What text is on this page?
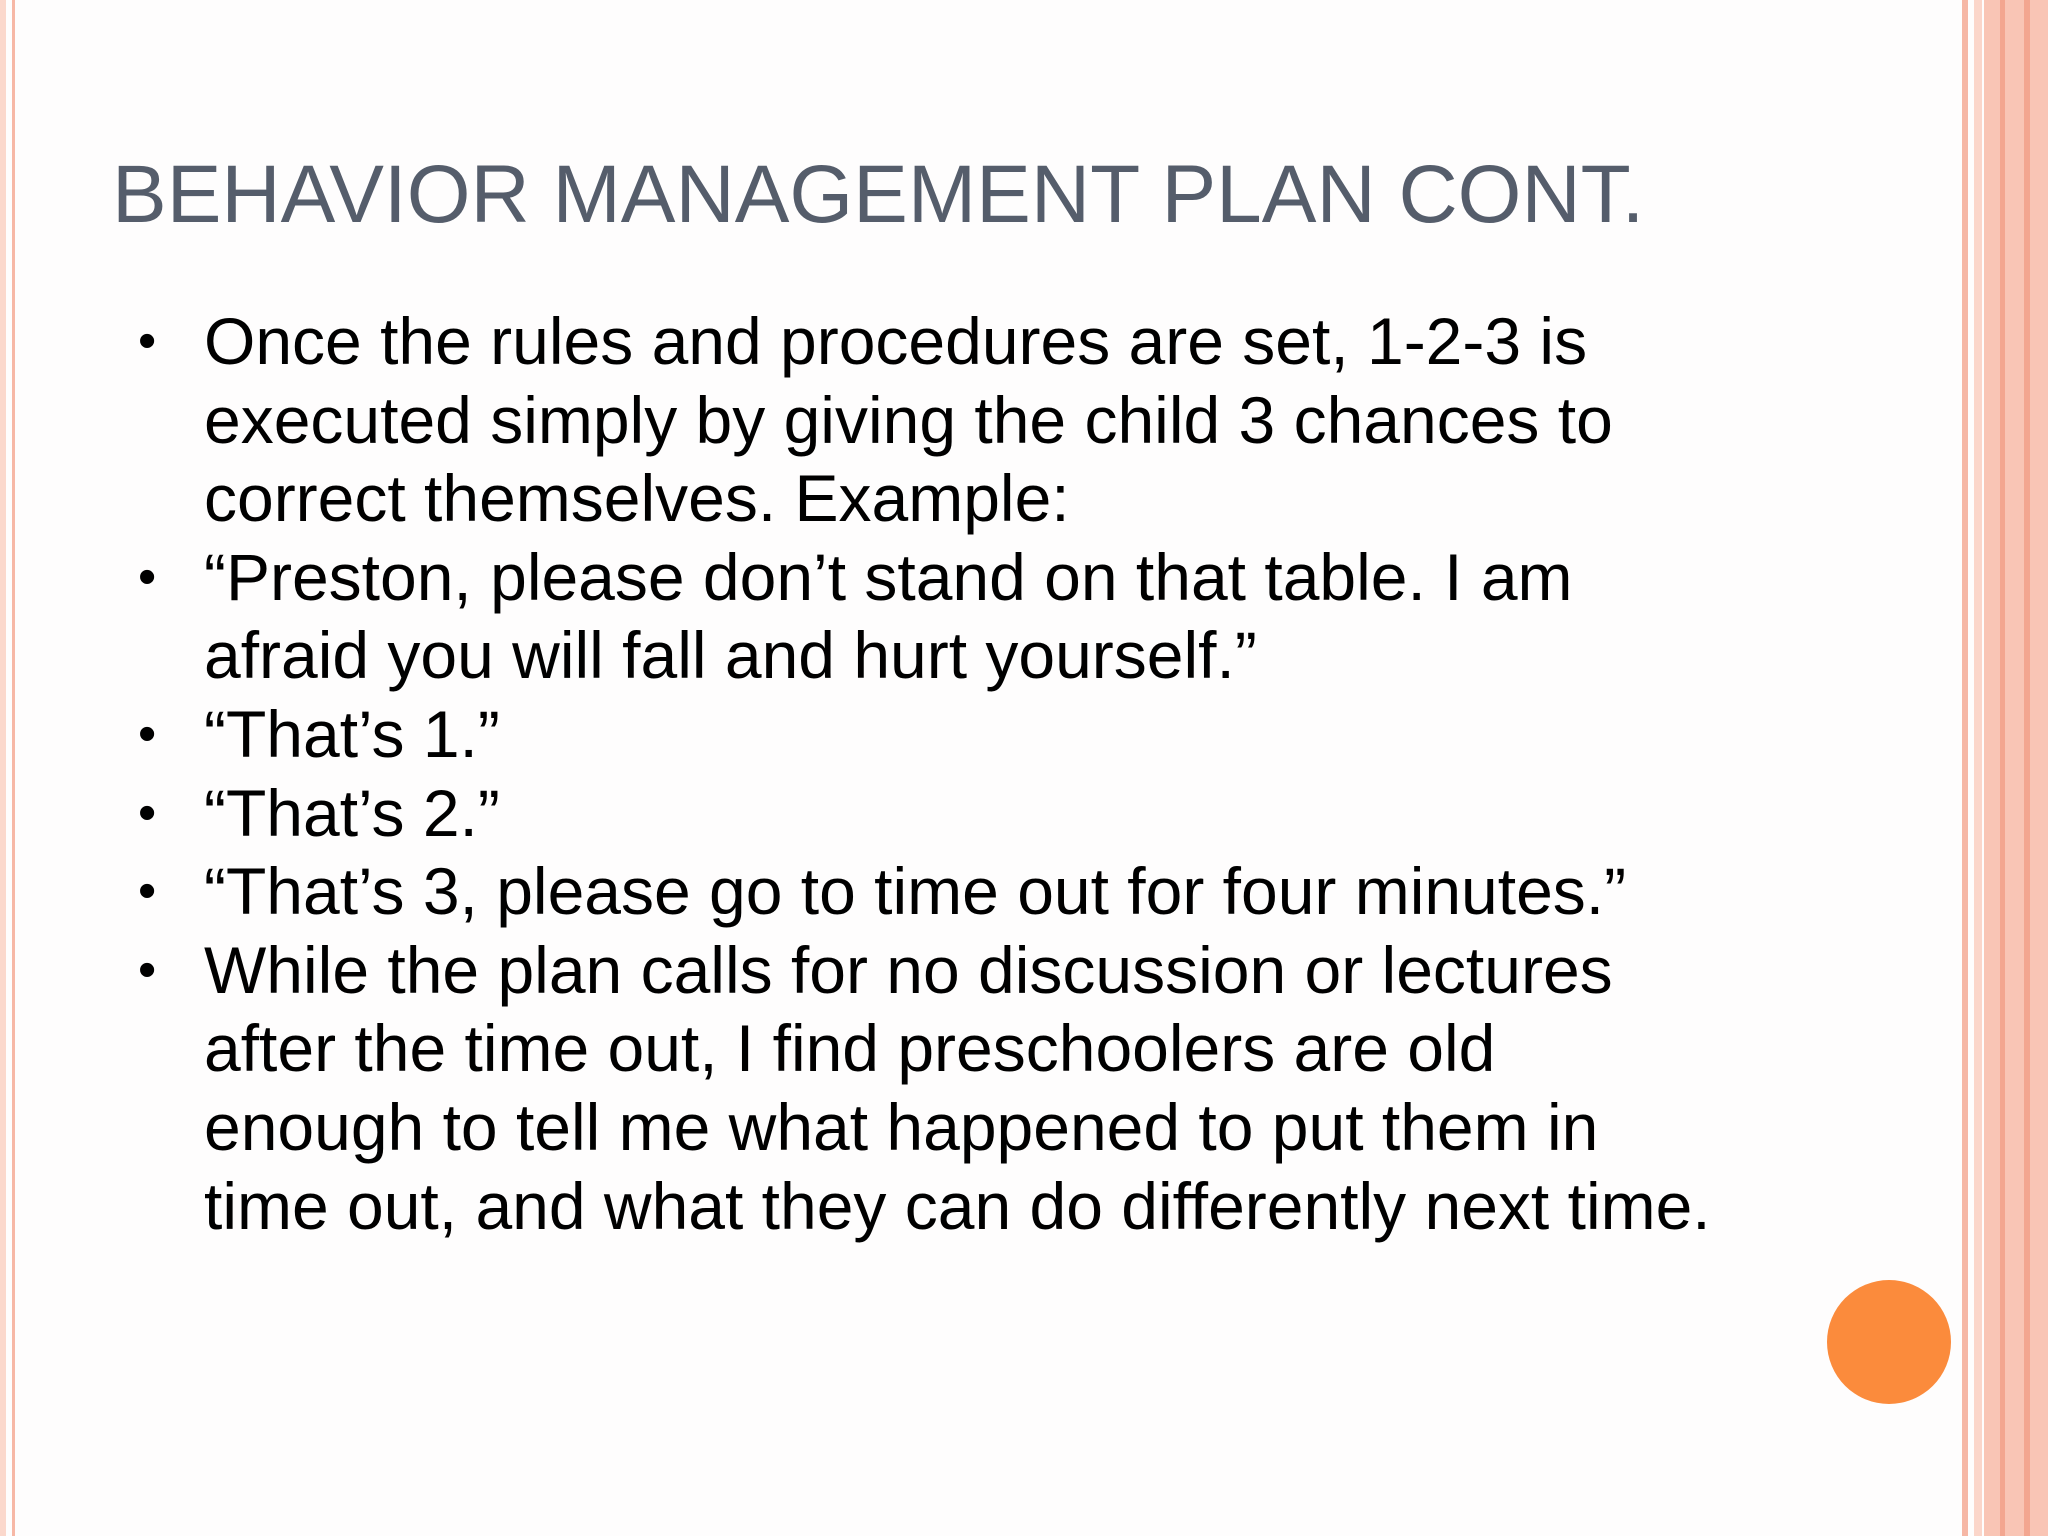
BEHAVIOR MANAGEMENT PLAN CONT.
• Once the rules and procedures are set, 1-2-3 is executed simply by giving the child 3 chances to correct themselves. Example:
• “Preston, please don’t stand on that table. I am afraid you will fall and hurt yourself.”
• “That’s 1.”
• “That’s 2.”
• “That’s 3, please go to time out for four minutes.”
• While the plan calls for no discussion or lectures after the time out, I find preschoolers are old enough to tell me what happened to put them in time out, and what they can do differently next time.
